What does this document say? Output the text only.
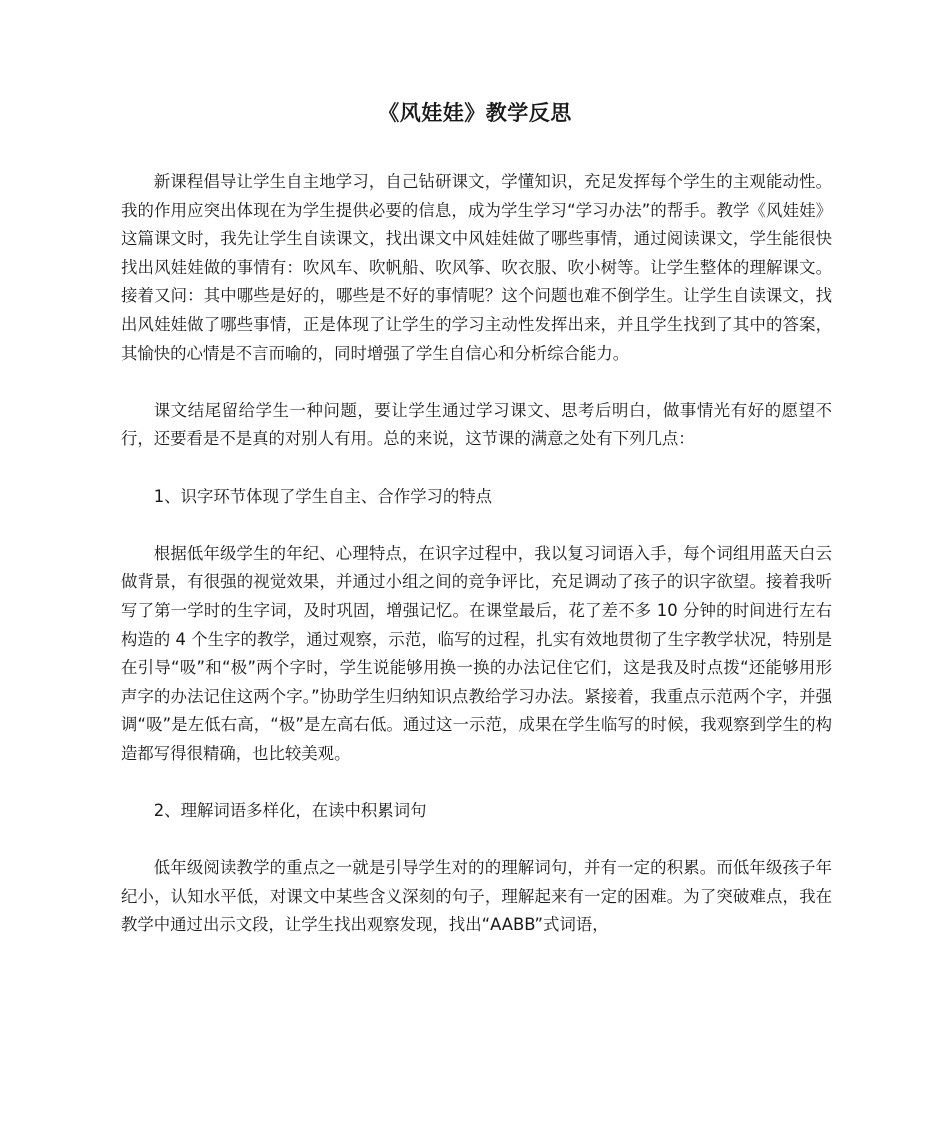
《风娃娃》教学反思

新课程倡导让学生自主地学习，自己钻研课文，学懂知识，充足发挥每个学生的主观能动性。我的作用应突出体现在为学生提供必要的信息，成为学生学习“学习办法”的帮手。教学《风娃娃》这篇课文时，我先让学生自读课文，找出课文中风娃娃做了哪些事情，通过阅读课文，学生能很快找出风娃娃做的事情有：吹风车、吹帆船、吹风筝、吹衣服、吹小树等。让学生整体的理解课文。接着又问：其中哪些是好的，哪些是不好的事情呢？这个问题也难不倒学生。让学生自读课文，找出风娃娃做了哪些事情，正是体现了让学生的学习主动性发挥出来，并且学生找到了其中的答案，其愉快的心情是不言而喻的，同时增强了学生自信心和分析综合能力。

课文结尾留给学生一种问题，要让学生通过学习课文、思考后明白，做事情光有好的愿望不行，还要看是不是真的对别人有用。总的来说，这节课的满意之处有下列几点：

1、识字环节体现了学生自主、合作学习的特点

根据低年级学生的年纪、心理特点，在识字过程中，我以复习词语入手，每个词组用蓝天白云做背景，有很强的视觉效果，并通过小组之间的竞争评比，充足调动了孩子的识字欲望。接着我听写了第一学时的生字词，及时巩固，增强记忆。在课堂最后，花了差不多 10 分钟的时间进行左右构造的 4 个生字的教学，通过观察，示范，临写的过程，扎实有效地贯彻了生字教学状况，特别是在引导“吸”和“极”两个字时，学生说能够用换一换的办法记住它们，这是我及时点拨“还能够用形声字的办法记住这两个字。”协助学生归纳知识点教给学习办法。紧接着，我重点示范两个字，并强调“吸”是左低右高，“极”是左高右低。通过这一示范，成果在学生临写的时候，我观察到学生的构造都写得很精确，也比较美观。

2、理解词语多样化，在读中积累词句

低年级阅读教学的重点之一就是引导学生对的的理解词句，并有一定的积累。而低年级孩子年纪小，认知水平低，对课文中某些含义深刻的句子，理解起来有一定的困难。为了突破难点，我在教学中通过出示文段，让学生找出观察发现，找出“AABB”式词语，
